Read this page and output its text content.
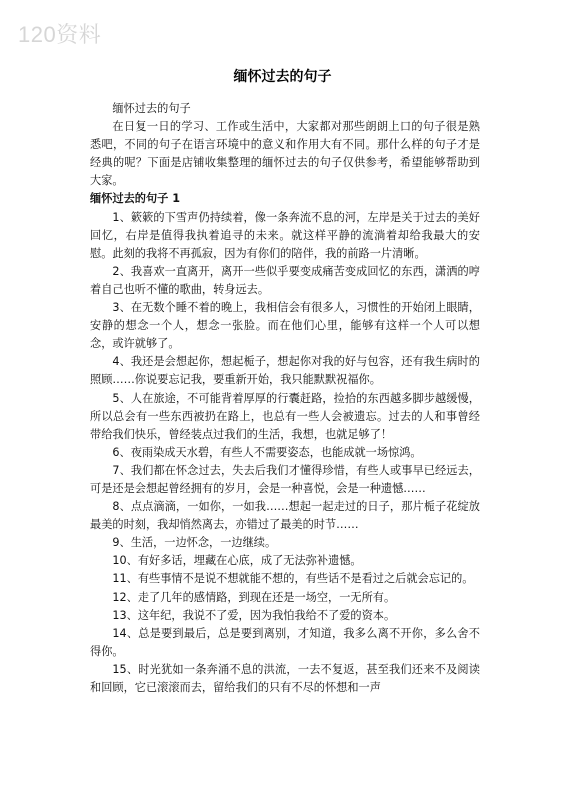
120资料
缅怀过去的句子

缅怀过去的句子

在日复一日的学习、工作或生活中，大家都对那些朗朗上口的句子很是熟悉吧，不同的句子在语言环境中的意义和作用大有不同。那什么样的句子才是经典的呢？下面是店铺收集整理的缅怀过去的句子仅供参考，希望能够帮助到大家。

缅怀过去的句子 1

1、簌簌的下雪声仍持续着，像一条奔流不息的河，左岸是关于过去的美好回忆，右岸是值得我执着追寻的未来。就这样平静的流淌着却给我最大的安慰。此刻的我将不再孤寂，因为有你们的陪伴，我的前路一片清晰。

2、我喜欢一直离开，离开一些似乎要变成痛苦变成回忆的东西，潇洒的哼着自己也听不懂的歌曲，转身远去。

3、在无数个睡不着的晚上，我相信会有很多人，习惯性的开始闭上眼睛，安静的想念一个人，想念一张脸。而在他们心里，能够有这样一个人可以想念，或许就够了。

4、我还是会想起你，想起栀子，想起你对我的好与包容，还有我生病时的照顾……你说要忘记我，要重新开始，我只能默默祝福你。

5、人在旅途，不可能背着厚厚的行囊赶路，捡拾的东西越多脚步越缓慢，所以总会有一些东西被扔在路上，也总有一些人会被遗忘。过去的人和事曾经带给我们快乐，曾经装点过我们的生活，我想，也就足够了！

6、夜雨染成天水碧，有些人不需要姿态，也能成就一场惊鸿。

7、我们都在怀念过去，失去后我们才懂得珍惜，有些人或事早已经远去，可是还是会想起曾经拥有的岁月，会是一种喜悦，会是一种遗憾……

8、点点滴滴，一如你，一如我……想起一起走过的日子，那片栀子花绽放最美的时刻，我却悄然离去，亦错过了最美的时节……

9、生活，一边怀念，一边继续。

10、有好多话，埋藏在心底，成了无法弥补遗憾。

11、有些事情不是说不想就能不想的，有些话不是看过之后就会忘记的。

12、走了几年的感情路，到现在还是一场空，一无所有。

13、这年纪，我说不了爱，因为我怕我给不了爱的资本。

14、总是要到最后，总是要到离别，才知道，我多么离不开你，多么舍不得你。

15、时光犹如一条奔涌不息的洪流，一去不复返，甚至我们还来不及阅读和回顾，它已滚滚而去，留给我们的只有不尽的怀想和一声
